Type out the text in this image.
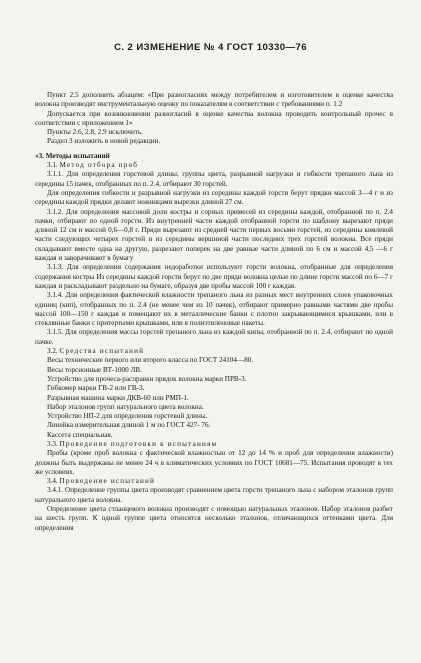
С. 2 ИЗМЕНЕНИЕ № 4 ГОСТ 10330—76

Пункт 2.5 дополнить абзацем: «При разногласиях между потребителем и изготовителем в оценке качества волокна производят инструментальную оценку по показателям в соответствии с требованиями п. 1.2

Допускается при возникновении разногласий в оценке качества волокна проводить контрольный прочес в соответствии с приложением 1»

Пункты 2.6, 2.8, 2.9 исключить.

Раздел 3 изложить в новой редакции.

«3. Методы испытаний

3.1. Метод отбора проб

3.1.1. Для определения горстевой длины, группы цвета, разрывной нагрузки и гибкости трепаного льна из середины 15 пачек, отобранных по п. 2.4, отбирают 30 горстей.

Для определения гибкости и разрывной нагрузки из середины каждой горсти берут прядки массой 3—4 г и из середины каждой прядки делают ножницами вырезки длиной 27 см.

3.1.2. Для определения массовой доли костры и сорных примесей из середины каждой, отобранной по п. 2.4 пачки, отбирают по одной горсти. Из внутренней части каждой отобранной горсти по шаблону вырезают пряди длиной 12 см и массой 0,6—0,8 г. Пряди вырезают из средней части первых восьми горстей, из середины комлевой части следующих четырех горстей и из середины вершиной части последних трех горстей волокна. Все пряди складывают вместе одна на другую, разрезают поперек на две равные части длиной по 6 см и массой 4,5 —6 г каждая и заворачивают в бумагу

3.1.3. Для определения содержания недоработки используют горсти волокна, отобранные для определения содержания костры Из середины каждой горсти берут по две пряди волокна целые по длине горсти массой по 6—7 г каждая и раскладывают раздельно на бумаге, образуя две пробы массой 100 г каждая.

3.1.4. Для определения фактической влажности трепаного льна из разных мест внутренних слоев упаковочных единиц (кип), отобранных по п. 2.4 (не менее чем из 10 пачек), отбирают примерно равными частями две пробы массой 100—150 г каждая и помещают их в металлические банки с плотно закрывающимися крышками, или в стеклянные банки с притертыми крышками, или в полиэтиленовые пакеты.

3.1.5. Для определения массы горстей трепаного льна из каждой кипы, отобранной по п. 2.4, отбирают по одной пачке.

3.2. Средства испытаний

Весы технические первого или второго класса по ГОСТ 24104—80.

Весы торсионные ВТ-1000 ЛВ.

Устройство для прочеса-расправки прядок волокна марки ПРВ-3.

Гибкомер марки ГВ-2 или ГВ-3.

Разрывная машина марки ДКВ-60 или РМП-1.

Набор эталонов групп натурального цвета волокна.

Устройство НП-2 для определения горстевой длины.

Линейка измерительная длиной 1 м по ГОСТ 427- 76.

Кассета специальная.

3.3. Проведение подготовки к испытаниям

Пробы (кроме проб волокна с фактической влажностью от 12 до 14 % и проб для определения влажности) должны быть выдержаны не менее 24 ч в климатических условиях по ГОСТ 10681—75. Испытания проводят в тех же условиях.

3.4. Проведение испытаний

3.4.1. Определение группы цвета производят сравнением цвета горсти трепаного льна с набором эталонов групп натурального цвета волокна.

Определение цвета стланцевого волокна производят с помощью натуральных эталонов. Набор эталонов разбит на шесть групп. К одной группе цвета относятся несколько эталонов, отличающихся оттенками цвета. Для определения
